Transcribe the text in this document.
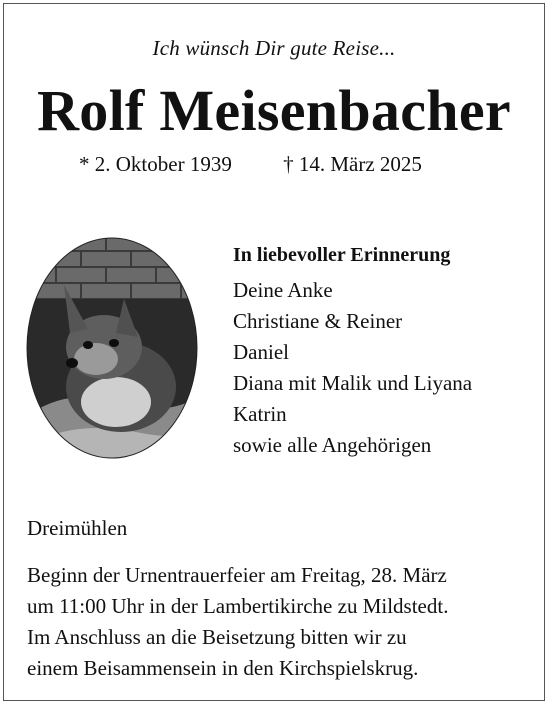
Ich wünsch Dir gute Reise...
Rolf Meisenbacher
* 2. Oktober 1939 † 14. März 2025
In liebevoller Erinnerung
Deine Anke
Christiane & Reiner
Daniel
Diana mit Malik und Liyana
Katrin
sowie alle Angehörigen
Dreimühlen
Beginn der Urnentrauerfeier am Freitag, 28. März
um 11:00 Uhr in der Lambertikirche zu Mildstedt.
Im Anschluss an die Beisetzung bitten wir zu
einem Beisammensein in den Kirchspielskrug.
